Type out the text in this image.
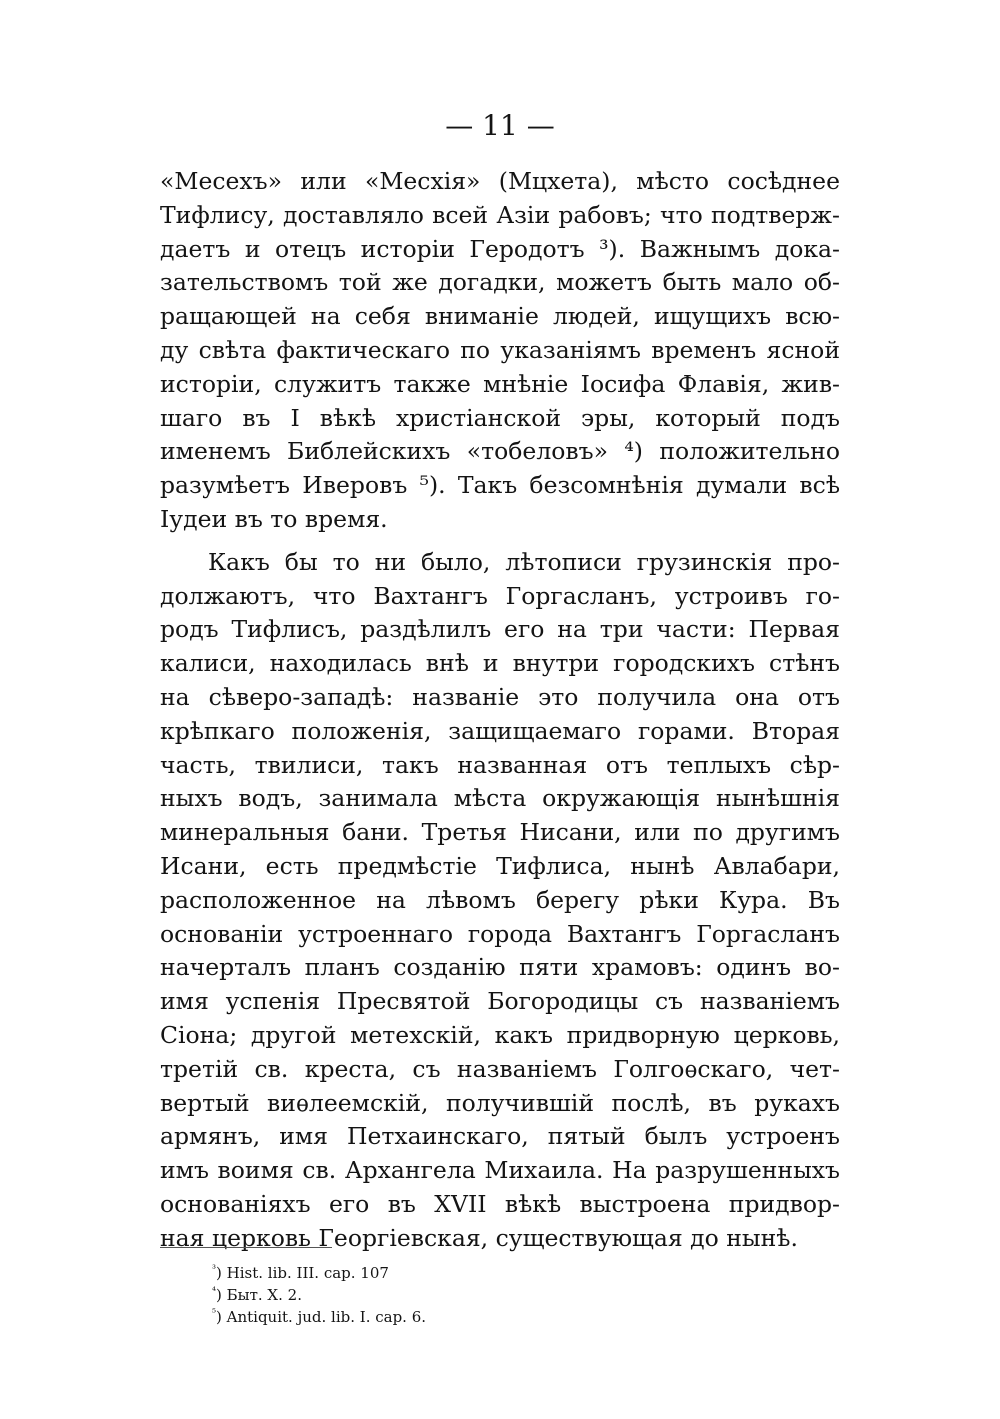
— 11 —
«Месехъ» или «Месхія» (Мцхета), мѣсто сосѣднее
Тифлису, доставляло всей Азіи рабовъ; что подтверж-
даетъ и отецъ исторіи Геродотъ ³). Важнымъ дока-
зательствомъ той же догадки, можетъ быть мало об-
ращающей на себя вниманіе людей, ищущихъ всю-
ду свѣта фактическаго по указаніямъ временъ ясной
исторіи, служитъ также мнѣніе Іосифа Флавія, жив-
шаго въ І вѣкѣ христіанской эры, который подъ
именемъ Библейскихъ «тобеловъ» ⁴) положительно
разумѣетъ Иверовъ ⁵). Такъ безсомнѣнія думали всѣ
Іудеи въ то время.
Какъ бы то ни было, лѣтописи грузинскія про-
должаютъ, что Вахтангъ Горгасланъ, устроивъ го-
родъ Тифлисъ, раздѣлилъ его на три части: Первая
калиси, находилась внѣ и внутри городскихъ стѣнъ
на сѣверо-западѣ: названіе это получила она отъ
крѣпкаго положенія, защищаемаго горами. Вторая
часть, твилиси, такъ названная отъ теплыхъ сѣр-
ныхъ водъ, занимала мѣста окружающія нынѣшнія
минеральныя бани. Третья Нисани, или по другимъ
Исани, есть предмѣстіе Тифлиса, нынѣ Авлабари,
расположенное на лѣвомъ берегу рѣки Кура. Въ
основаніи устроеннаго города Вахтангъ Горгасланъ
начерталъ планъ созданію пяти храмовъ: одинъ во-
имя успенія Пресвятой Богородицы съ названіемъ
Сіона; другой метехскій, какъ придворную церковь,
третій св. креста, съ названіемъ Голгоѳскаго, чет-
вертый виѳлеемскій, получившій послѣ, въ рукахъ
армянъ, имя Петхаинскаго, пятый былъ устроенъ
имъ воимя св. Архангела Михаила. На разрушенныхъ
основаніяхъ его въ XVII вѣкѣ выстроена придвор-
ная церковь Георгіевская, существующая до нынѣ.
$^{^3}$) Hist. lib. III. cap. 107
$^{^4}$) Быт. X. 2.
$^{^5}$) Antiquit. jud. lib. I. cap. 6.
